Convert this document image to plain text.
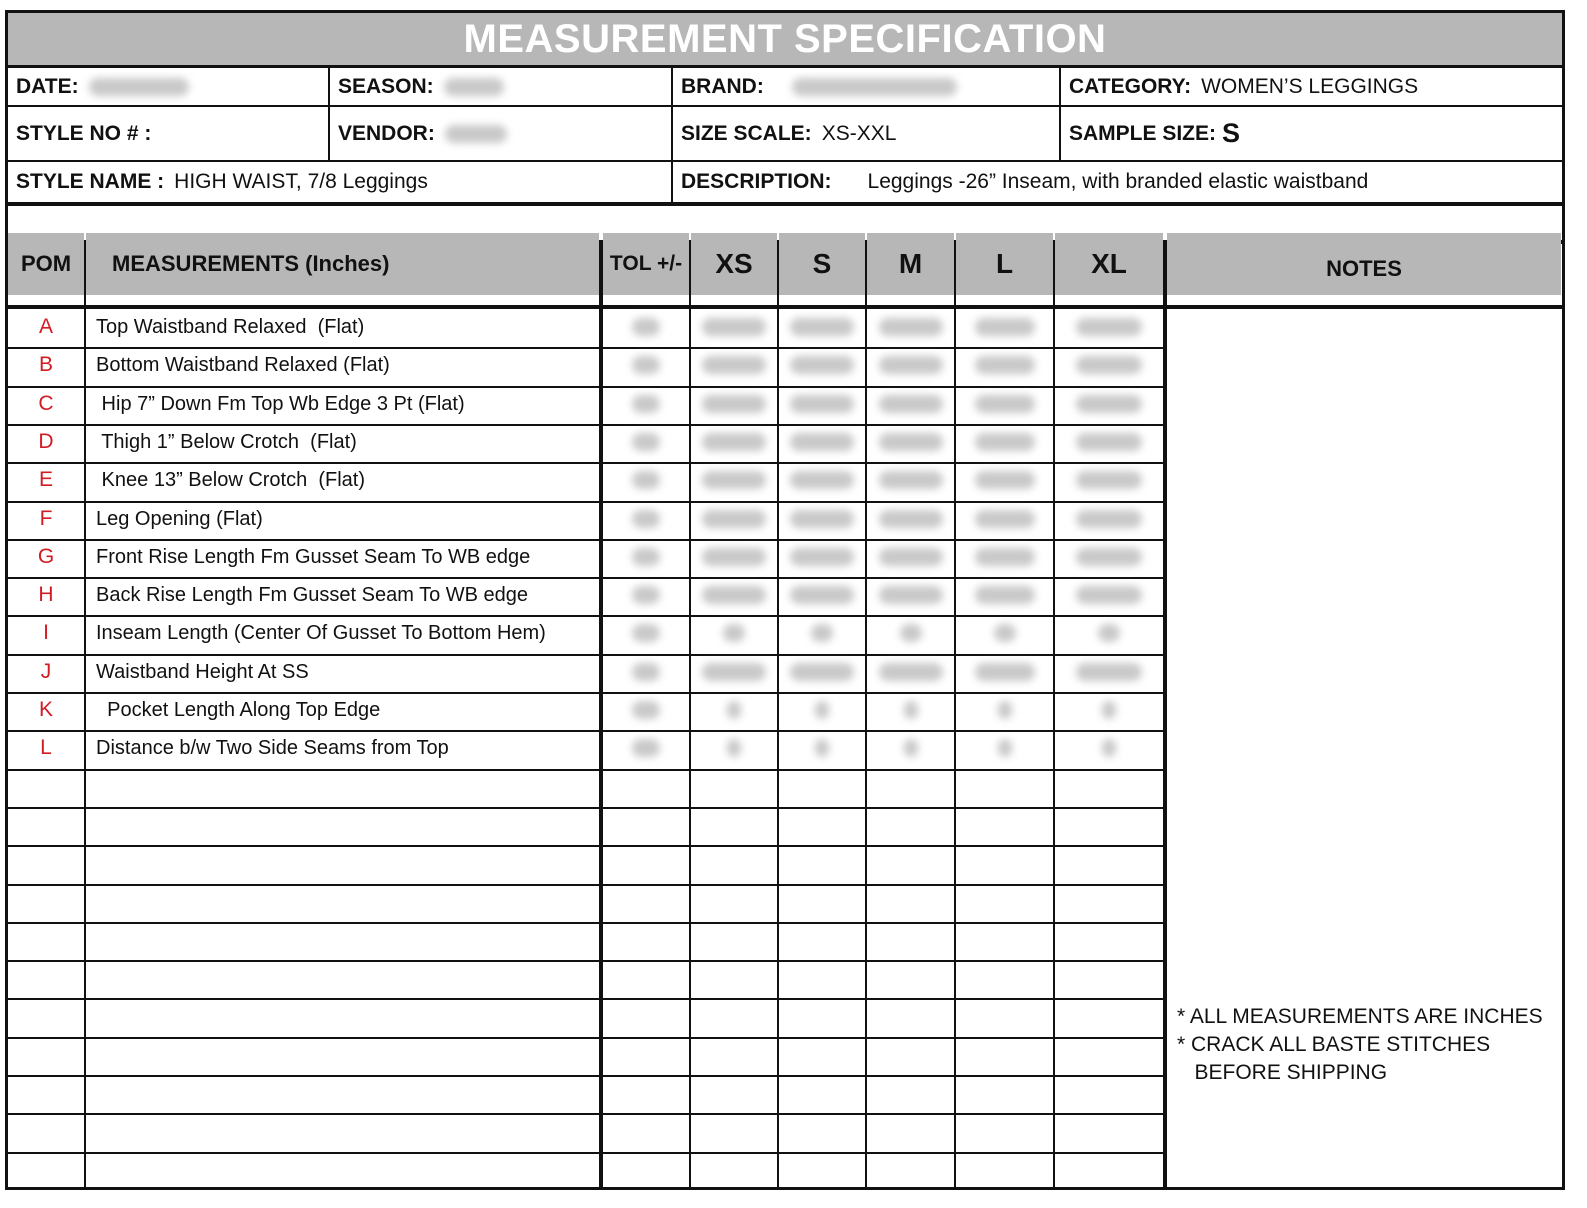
MEASUREMENT SPECIFICATION
DATE:	SEASON:	BRAND:	CATEGORY: WOMEN’S LEGGINGS
STYLE NO # :	VENDOR:	SIZE SCALE: XS-XXL	SAMPLE SIZE: S
STYLE NAME : HIGH WAIST, 7/8 Leggings	DESCRIPTION: Leggings -26” Inseam, with branded elastic waistband
POM	MEASUREMENTS (Inches)	TOL +/-	XS	S	M	L	XL	NOTES
A	Top Waistband Relaxed  (Flat)
B	Bottom Waistband Relaxed (Flat)
C	Hip 7” Down Fm Top Wb Edge 3 Pt (Flat)
D	Thigh 1” Below Crotch  (Flat)
E	Knee 13” Below Crotch  (Flat)
F	Leg Opening (Flat)
G	Front Rise Length Fm Gusset Seam To WB edge
H	Back Rise Length Fm Gusset Seam To WB edge
I	Inseam Length (Center Of Gusset To Bottom Hem)
J	Waistband Height At SS
K	Pocket Length Along Top Edge
L	Distance b/w Two Side Seams from Top
* ALL MEASUREMENTS ARE INCHES
* CRACK ALL BASTE STITCHES
BEFORE SHIPPING
